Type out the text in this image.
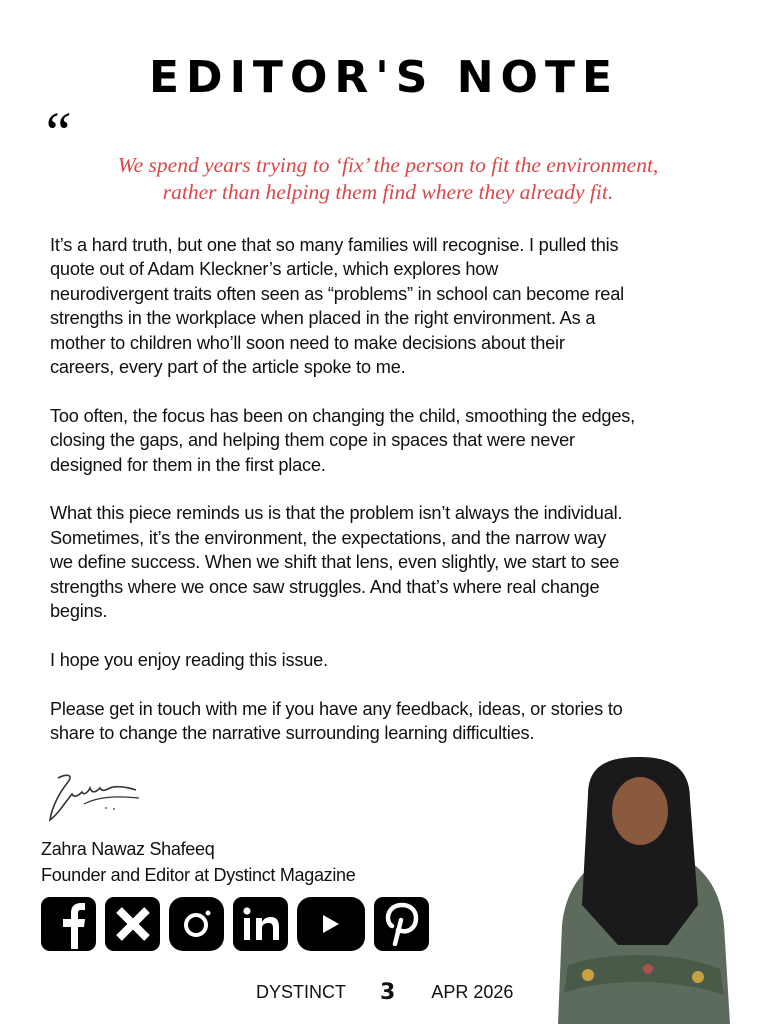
EDITOR'S NOTE
“	We spend years trying to ‘fix’ the person to fit the environment,
rather than helping them find where they already fit.
It’s a hard truth, but one that so many families will recognise. I pulled this
quote out of Adam Kleckner’s article, which explores how
neurodivergent traits often seen as “problems” in school can become real
strengths in the workplace when placed in the right environment. As a
mother to children who’ll soon need to make decisions about their
careers, every part of the article spoke to me.
Too often, the focus has been on changing the child, smoothing the edges,
closing the gaps, and helping them cope in spaces that were never
designed for them in the first place.
What this piece reminds us is that the problem isn’t always the individual.
Sometimes, it’s the environment, the expectations, and the narrow way
we define success. When we shift that lens, even slightly, we start to see
strengths where we once saw struggles. And that’s where real change
begins.
I hope you enjoy reading this issue.
Please get in touch with me if you have any feedback, ideas, or stories to
share to change the narrative surrounding learning difficulties.
Zahra Nawaz Shafeeq
Founder and Editor at Dystinct Magazine
DYSTINCT 3 APR 2026
